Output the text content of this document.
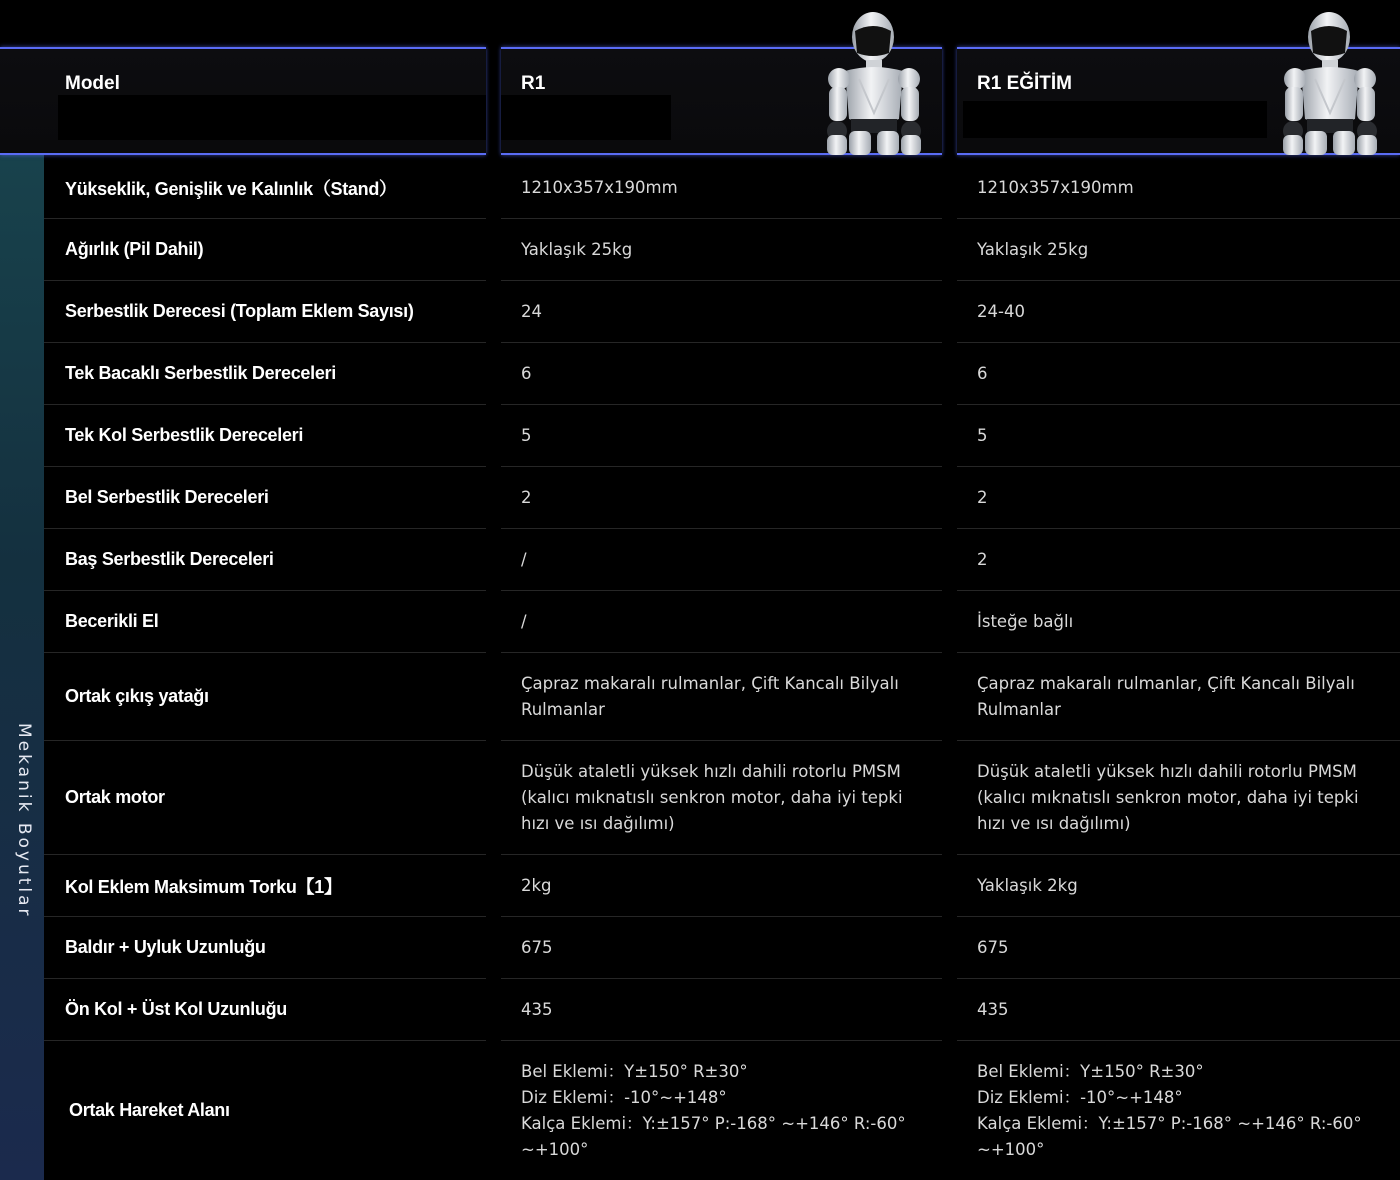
Mekanik Boyutlar
Model
Yükseklik, Genişlik ve Kalınlık（Stand）
Ağırlık (Pil Dahil)
Serbestlik Derecesi (Toplam Eklem Sayısı)
Tek Bacaklı Serbestlik Dereceleri
Tek Kol Serbestlik Dereceleri
Bel Serbestlik Dereceleri
Baş Serbestlik Dereceleri
Becerikli El
Ortak çıkış yatağı
Ortak motor
Kol Eklem Maksimum Torku【1】
Baldır + Uyluk Uzunluğu
Ön Kol + Üst Kol Uzunluğu
Ortak Hareket Alanı
R1
1210x357x190mm
Yaklaşık 25kg
24
6
5
2
/
/
Çapraz makaralı rulmanlar, Çift Kancalı Bilyalı Rulmanlar
Düşük ataletli yüksek hızlı dahili rotorlu PMSM (kalıcı mıknatıslı senkron motor, daha iyi tepki hızı ve ısı dağılımı)
2kg
675
435
Bel Eklemi：Y±150° R±30°
Diz Eklemi：-10°~+148°
Kalça Eklemi：Y:±157° P:-168° ~+146° R:-60° ~+100°
R1 EĞİTİM
1210x357x190mm
Yaklaşık 25kg
24-40
6
5
2
2
İsteğe bağlı
Çapraz makaralı rulmanlar, Çift Kancalı Bilyalı Rulmanlar
Düşük ataletli yüksek hızlı dahili rotorlu PMSM (kalıcı mıknatıslı senkron motor, daha iyi tepki hızı ve ısı dağılımı)
Yaklaşık 2kg
675
435
Bel Eklemi：Y±150° R±30°
Diz Eklemi：-10°~+148°
Kalça Eklemi：Y:±157° P:-168° ~+146° R:-60° ~+100°
